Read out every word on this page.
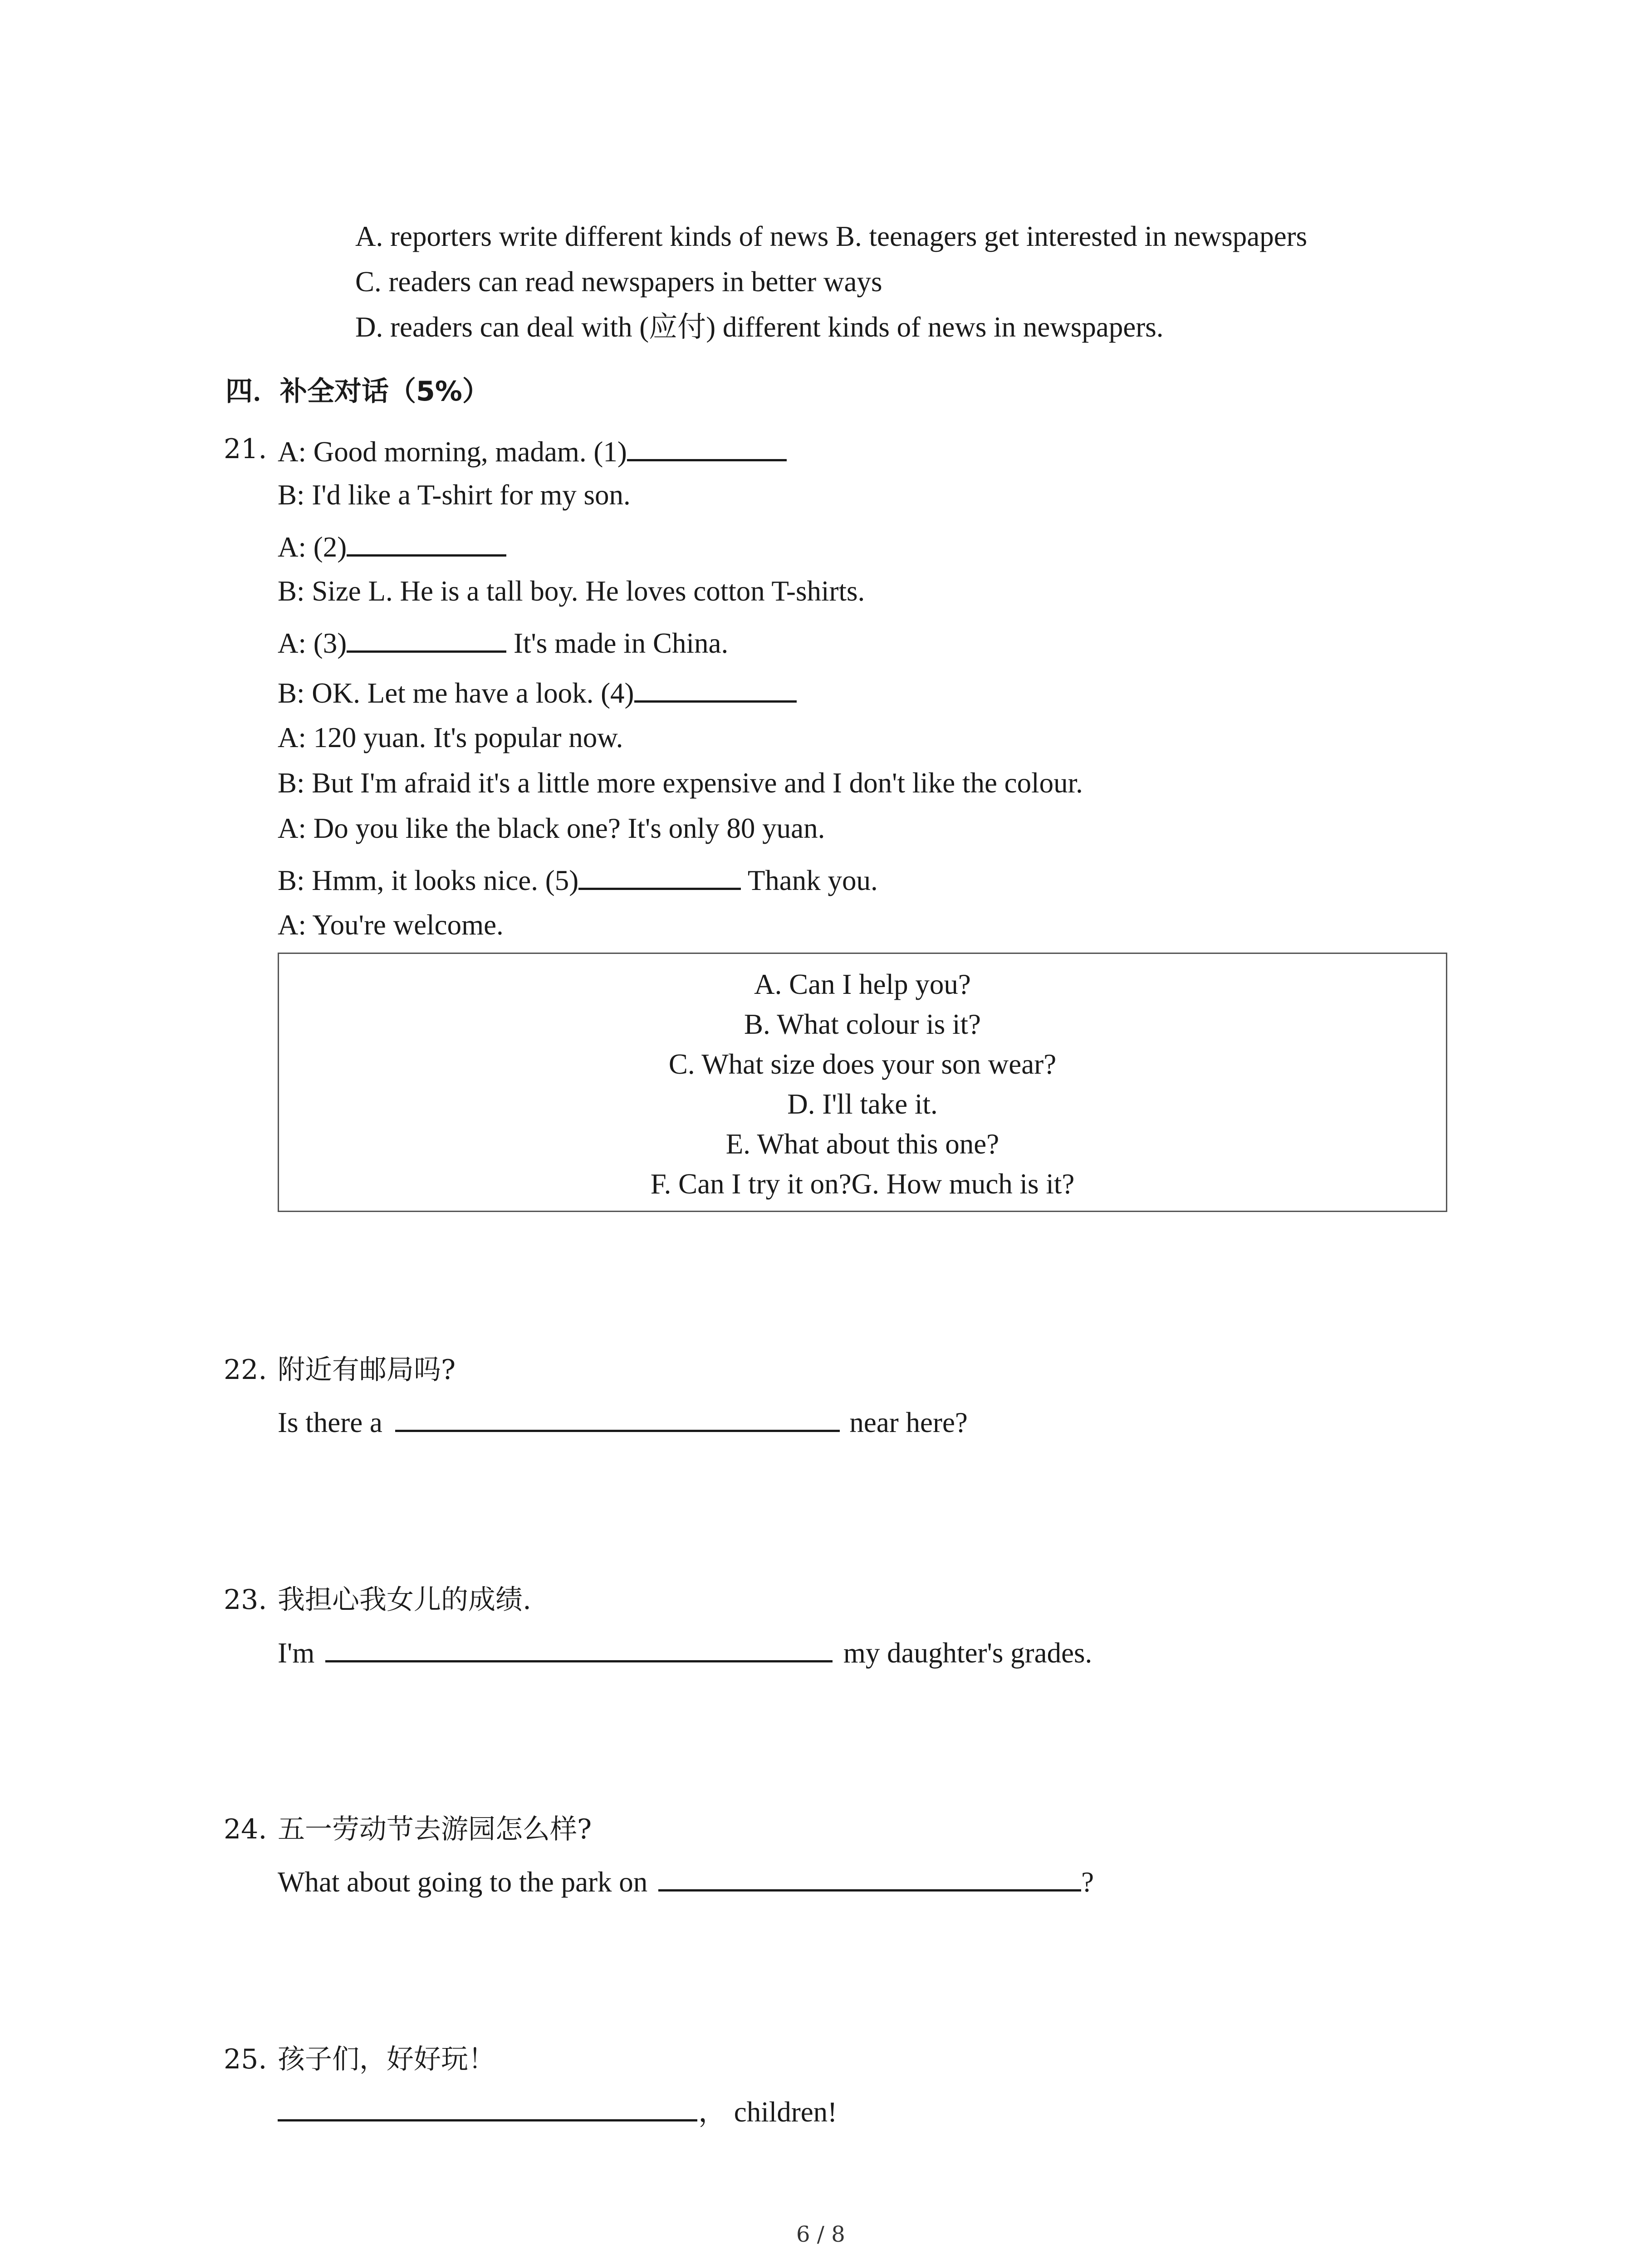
A. reporters write different kinds of news B. teenagers get interested in newspapers
C. readers can read newspapers in better ways
D. readers can deal with (应付) different kinds of news in newspapers.
四．补全对话（5%）
21. A: Good morning, madam. (1)
B: I'd like a T-shirt for my son.
A: (2)
B: Size L. He is a tall boy. He loves cotton T-shirts.
A: (3)	It's made in China.
B: OK. Let me have a look. (4)
A: 120 yuan. It's popular now.
B: But I'm afraid it's a little more expensive and I don't like the colour.
A: Do you like the black one? It's only 80 yuan.
B: Hmm, it looks nice. (5)	Thank you.
A: You're welcome.
A. Can I help you?
B. What colour is it?
C. What size does your son wear?
D. I'll take it.
E. What about this one?
F. Can I try it on?G. How much is it?
22. 附近有邮局吗?
Is there a	near here?
23. 我担心我女儿的成绩.
I'm	my daughter's grades.
24. 五一劳动节去游园怎么样?
What about going to the park on	?
25. 孩子们，好好玩！
， children!
6 / 8
